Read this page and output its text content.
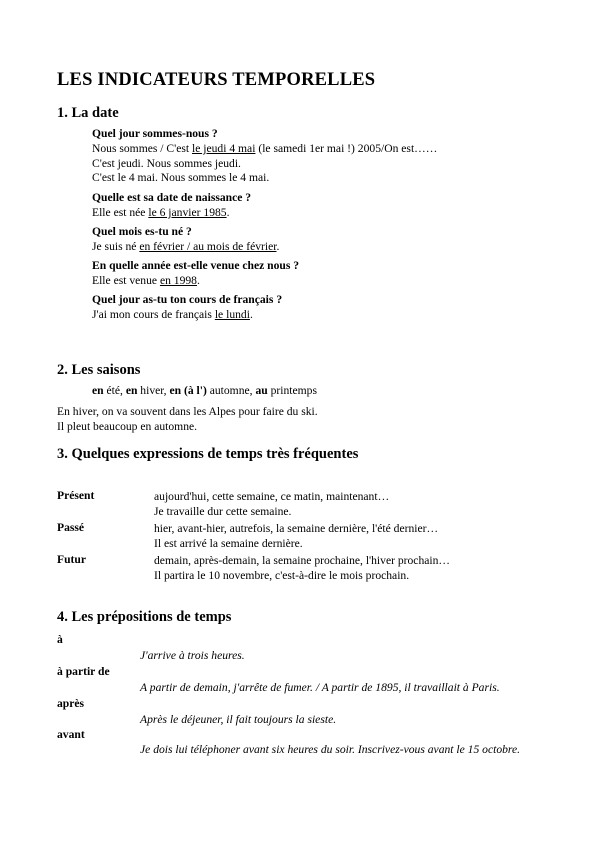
LES INDICATEURS TEMPORELLES
1. La date
Quel jour sommes-nous ?
Nous sommes / C'est le jeudi 4 mai (le samedi 1er mai !) 2005/On est……
C'est jeudi. Nous sommes jeudi.
C'est le 4 mai. Nous sommes le 4 mai.
Quelle est sa date de naissance ?
Elle est née le 6 janvier 1985.
Quel mois es-tu né ?
Je suis né en février / au mois de février.
En quelle année est-elle venue chez nous ?
Elle est venue en 1998.
Quel jour as-tu ton cours de français ?
J'ai mon cours de français le lundi.
2. Les saisons
en été, en hiver, en (à l') automne, au printemps
En hiver, on va souvent dans les Alpes pour faire du ski.
Il pleut beaucoup en automne.
3. Quelques expressions de temps très fréquentes
Présent	aujourd'hui, cette semaine, ce matin, maintenant…
Je travaille dur cette semaine.
Passé	hier, avant-hier, autrefois, la semaine dernière, l'été dernier…
Il est arrivé la semaine dernière.
Futur	demain, après-demain, la semaine prochaine, l'hiver prochain…
Il partira le 10 novembre, c'est-à-dire le mois prochain.
4. Les prépositions de temps
à
J'arrive à trois heures.
à partir de
A partir de demain, j'arrête de fumer. / A partir de 1895, il travaillait à Paris.
après
Après le déjeuner, il fait toujours la sieste.
avant
Je dois lui téléphoner avant six heures du soir. Inscrivez-vous avant le 15 octobre.
